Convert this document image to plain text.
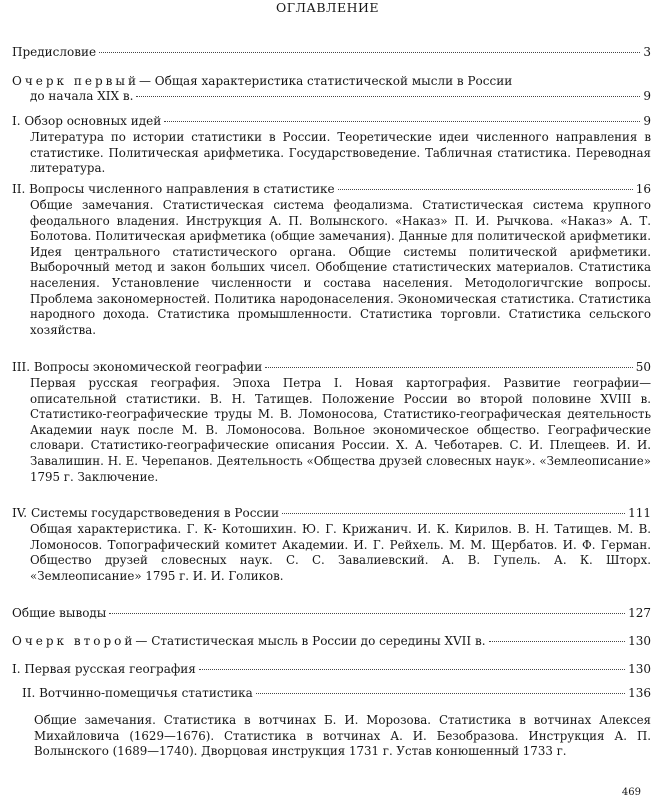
ОГЛАВЛЕНИЕ
Предисловие	3
Очерк первый— Общая характеристика статистической мысли в России
до начала XIX в.	9
I. Обзор основных идей	9
Литература по истории статистики в России. Теоретические идеи численного направления в статистике. Политическая арифметика. Государствоведение. Табличная статистика. Переводная литература.
II. Вопросы численного направления в статистике	16
Общие замечания. Статистическая система феодализма. Статистическая система крупного феодального владения. Инструкция А. П. Волынского. «Наказ» П. И. Рычкова. «Наказ» А. Т. Болотова. Политическая арифметика (общие замечания). Данные для политической арифметики. Идея центрального статистического органа. Общие системы политической арифметики. Выборочный метод и закон больших чисел. Обобщение статистических материалов. Статистика населения. Установление численности и состава населения. Методологичгские вопросы. Проблема закономерностей. Политика народонаселения. Экономическая статистика. Статистика народного дохода. Статистика промышленности. Статистика торговли. Статистика сельского хозяйства.
III. Вопросы экономической географии	50
Первая русская география. Эпоха Петра I. Новая картография. Развитие географии— описательной статистики. В. Н. Татищев. Положение России во второй половине XVIII в. Статистико-географические труды М. В. Ломоносова, Статистико-географическая деятельность Академии наук после М. В. Ломоносова. Вольное экономическое общество. Географические словари. Статистико-географические описания России. Х. А. Чеботарев. С. И. Плещеев. И. И. Завалишин. Н. Е. Черепанов. Деятельность «Общества друзей словесных наук». «Землеописание» 1795 г. Заключение.
IV. Системы государствоведения в России	111
Общая характеристика. Г. К- Котошихин. Ю. Г. Крижанич. И. К. Кирилов. В. Н. Татищев. М. В. Ломоносов. Топографический комитет Академии. И. Г. Рейхель. М. М. Щербатов. И. Ф. Герман. Общество друзей словесных наук. С. С. Завалиевский. А. В. Гупель. А. К. Шторх. «Землеописание» 1795 г. И. И. Голиков.
Общие выводы	127
Очерк второй— Статистическая мысль в России до середины XVII в.	130
I. Первая русская география	130
II. Вотчинно-помещичья статистика	136
Общие замечания. Статистика в вотчинах Б. И. Морозова. Статистика в вотчинах Алексея Михайловича (1629—1676). Статистика в вотчинах А. И. Безобразова. Инструкция А. П. Волынского (1689—1740). Дворцовая инструкция 1731 г. Устав конюшенный 1733 г.
469
